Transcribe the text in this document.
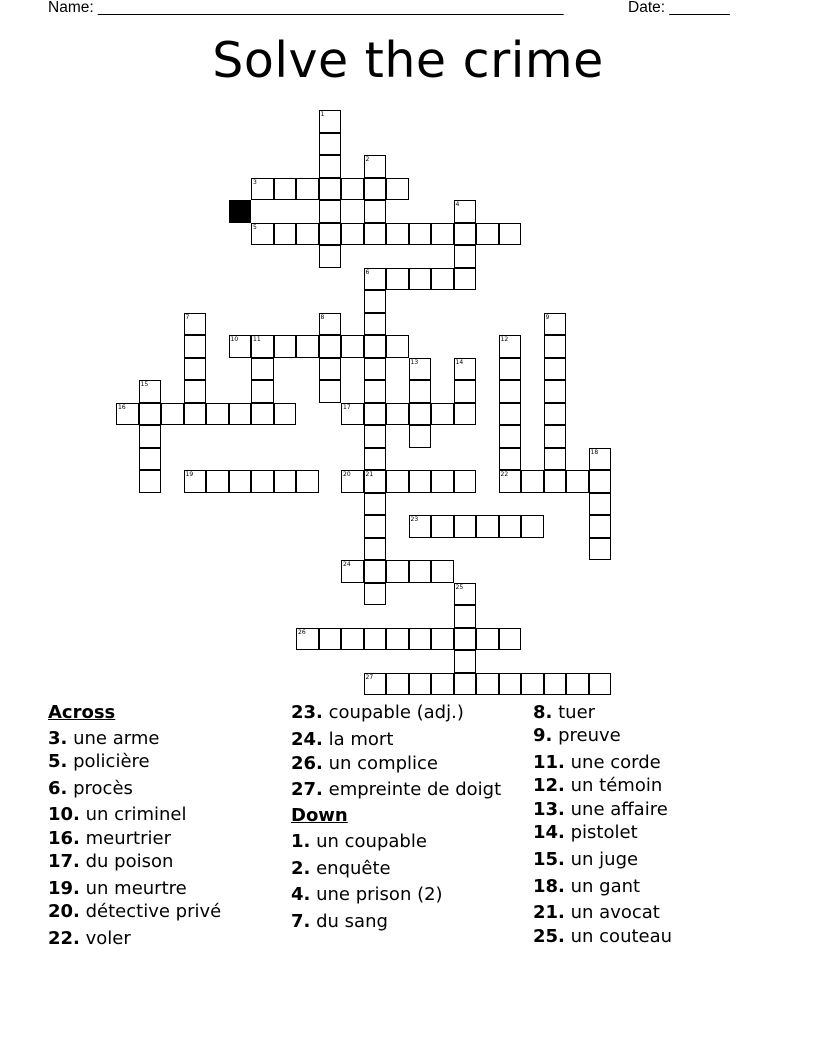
Name: ______________________________________________________	Date: _______
Solve the crime
1
2
3
4
5
6
7	8	9
10 11	12
22
13	14
15
16	17
18
19	20 21
23
24
25
26
27
Across
3. une arme
5. policière
6. procès
10. un criminel
16. meurtrier
17. du poison
19. un meurtre
20. détective privé
22. voler
23. coupable (adj.)
24. la mort
26. un complice
27. empreinte de doigt
Down
1. un coupable
2. enquête
4. une prison (2)
7. du sang
8. tuer
9. preuve
11. une corde
12. un témoin
13. une affaire
14. pistolet
15. un juge
18. un gant
21. un avocat
25. un couteau
